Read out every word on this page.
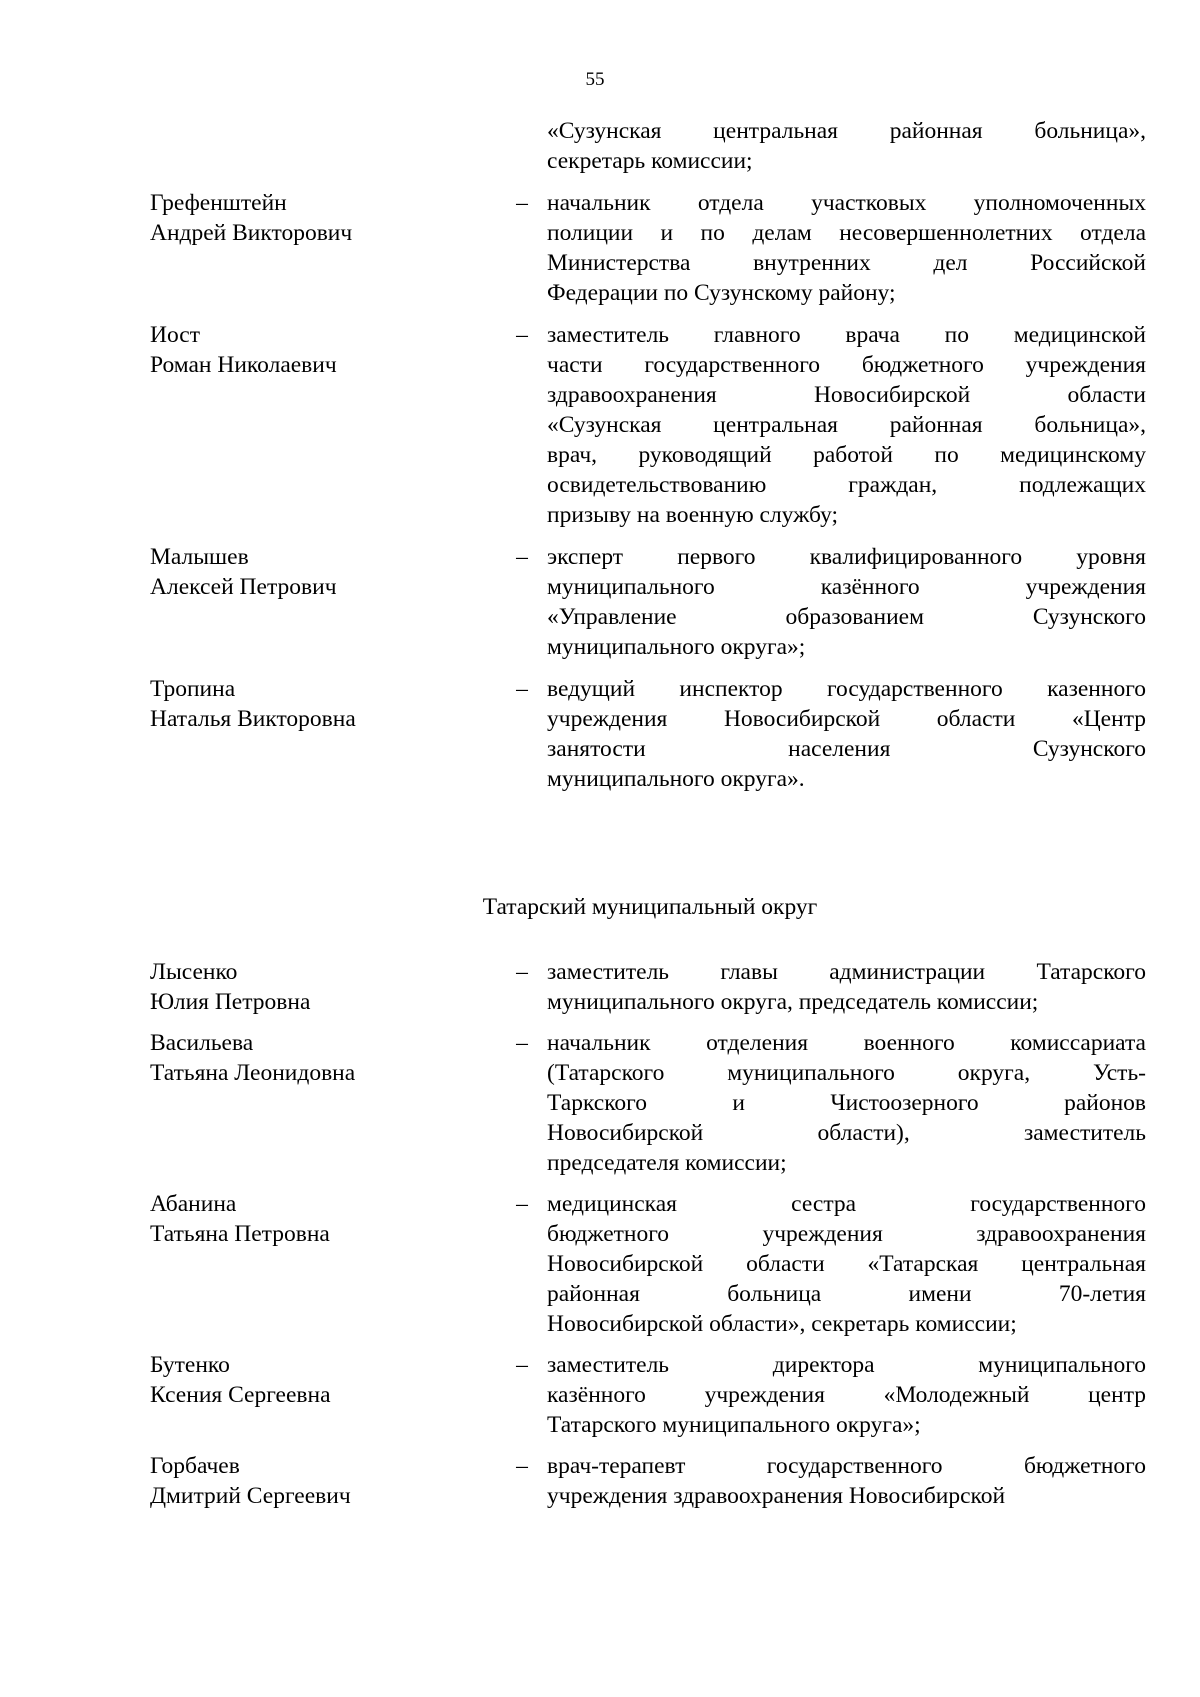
55
«Сузунская центральная районная больница»,
секретарь комиссии;
Грефенштейн
Андрей Викторович
– начальник отдела участковых уполномоченных
полиции и по делам несовершеннолетних отдела
Министерства внутренних дел Российской
Федерации по Сузунскому району;
Иост
Роман Николаевич
– заместитель главного врача по медицинской
части государственного бюджетного учреждения
здравоохранения Новосибирской области
«Сузунская центральная районная больница»,
врач, руководящий работой по медицинскому
освидетельствованию граждан, подлежащих
призыву на военную службу;
Малышев
Алексей Петрович
– эксперт первого квалифицированного уровня
муниципального казённого учреждения
«Управление образованием Сузунского
муниципального округа»;
Тропина
Наталья Викторовна
– ведущий инспектор государственного казенного
учреждения Новосибирской области «Центр
занятости населения Сузунского
муниципального округа».
Татарский муниципальный округ
Лысенко
Юлия Петровна
– заместитель главы администрации Татарского
муниципального округа, председатель комиссии;
Васильева
Татьяна Леонидовна
– начальник отделения военного комиссариата
(Татарского муниципального округа, Усть-
Таркского и Чистоозерного районов
Новосибирской области), заместитель
председателя комиссии;
Абанина
Татьяна Петровна
– медицинская сестра государственного
бюджетного учреждения здравоохранения
Новосибирской области «Татарская центральная
районная больница имени 70-летия
Новосибирской области», секретарь комиссии;
Бутенко
Ксения Сергеевна
– заместитель директора муниципального
казённого учреждения «Молодежный центр
Татарского муниципального округа»;
Горбачев
Дмитрий Сергеевич
– врач-терапевт государственного бюджетного
учреждения здравоохранения Новосибирской
